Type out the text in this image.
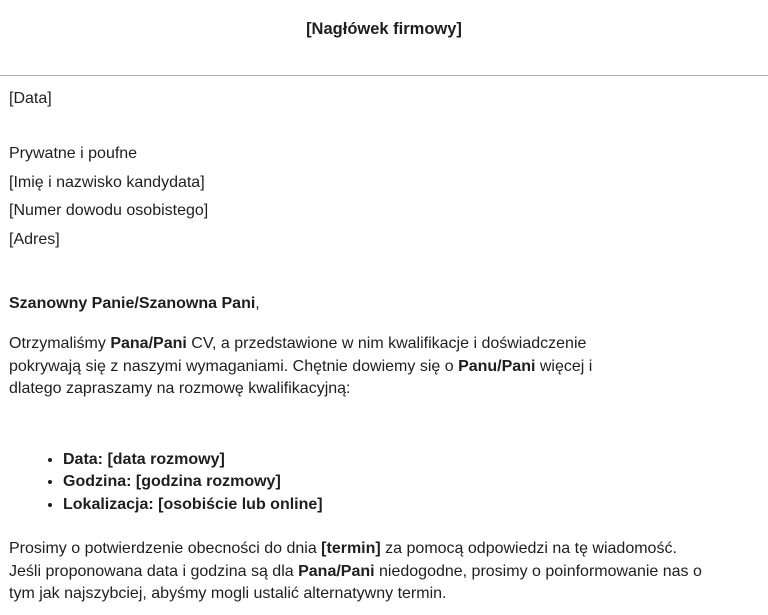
[Nagłówek firmowy]

[Data]

Prywatne i poufne
[Imię i nazwisko kandydata]
[Numer dowodu osobistego]
[Adres]

Szanowny Panie/Szanowna Pani,

Otrzymaliśmy Pana/Pani CV, a przedstawione w nim kwalifikacje i doświadczenie
pokrywają się z naszymi wymaganiami. Chętnie dowiemy się o Panu/Pani więcej i
dlatego zapraszamy na rozmowę kwalifikacyjną:

• Data: [data rozmowy]
• Godzina: [godzina rozmowy]
• Lokalizacja: [osobiście lub online]

Prosimy o potwierdzenie obecności do dnia [termin] za pomocą odpowiedzi na tę wiadomość.
Jeśli proponowana data i godzina są dla Pana/Pani niedogodne, prosimy o poinformowanie nas o
tym jak najszybciej, abyśmy mogli ustalić alternatywny termin.
